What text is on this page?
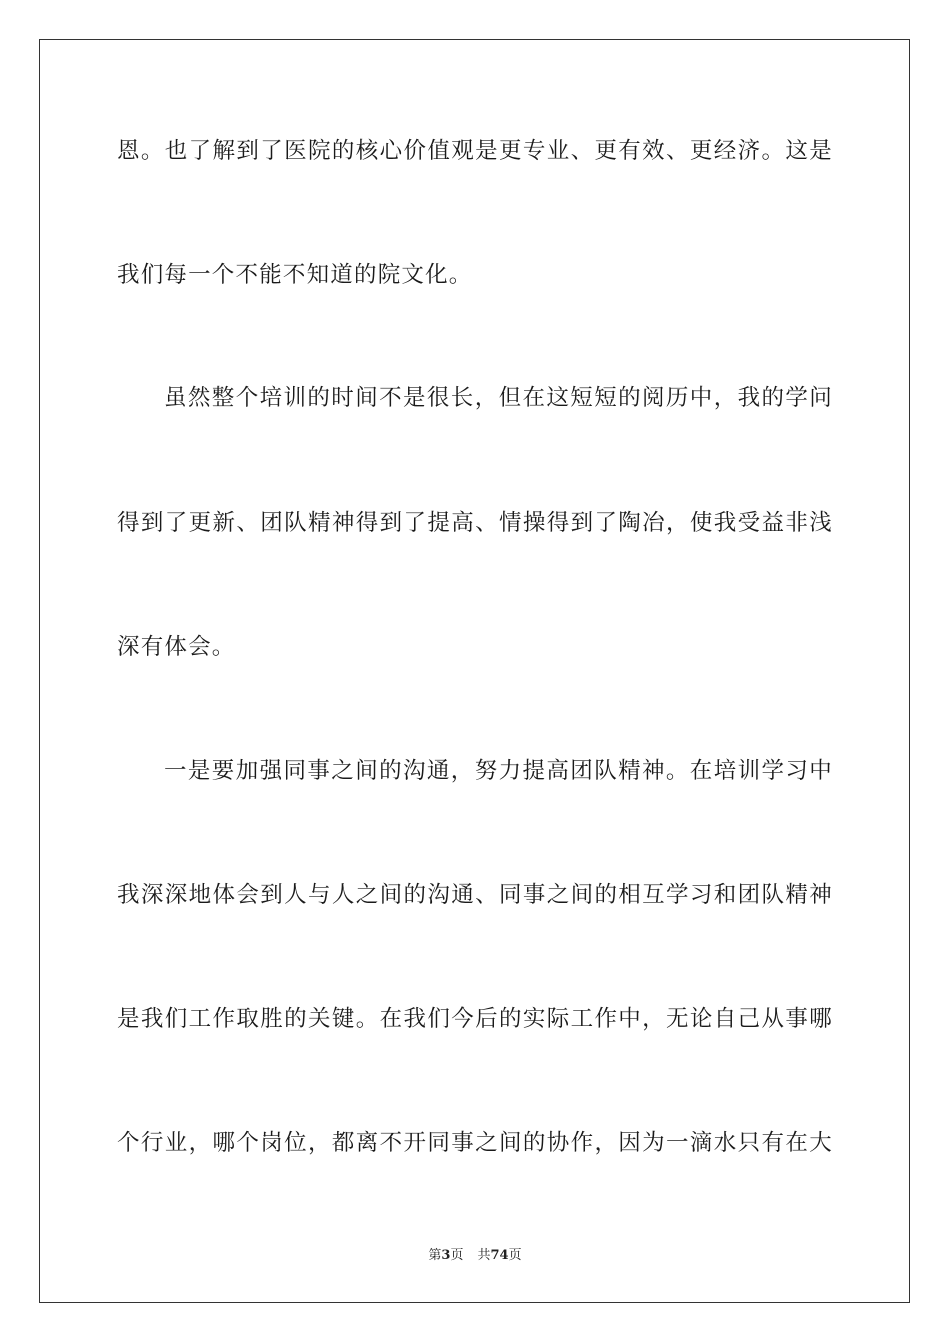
恩。也了解到了医院的核心价值观是更专业、更有效、更经济。这是
我们每一个不能不知道的院文化。
虽然整个培训的时间不是很长，但在这短短的阅历中，我的学问
得到了更新、团队精神得到了提高、情操得到了陶冶，使我受益非浅
深有体会。
一是要加强同事之间的沟通，努力提高团队精神。在培训学习中
我深深地体会到人与人之间的沟通、同事之间的相互学习和团队精神
是我们工作取胜的关键。在我们今后的实际工作中，无论自己从事哪
个行业，哪个岗位，都离不开同事之间的协作，因为一滴水只有在大
第3页 共74页
